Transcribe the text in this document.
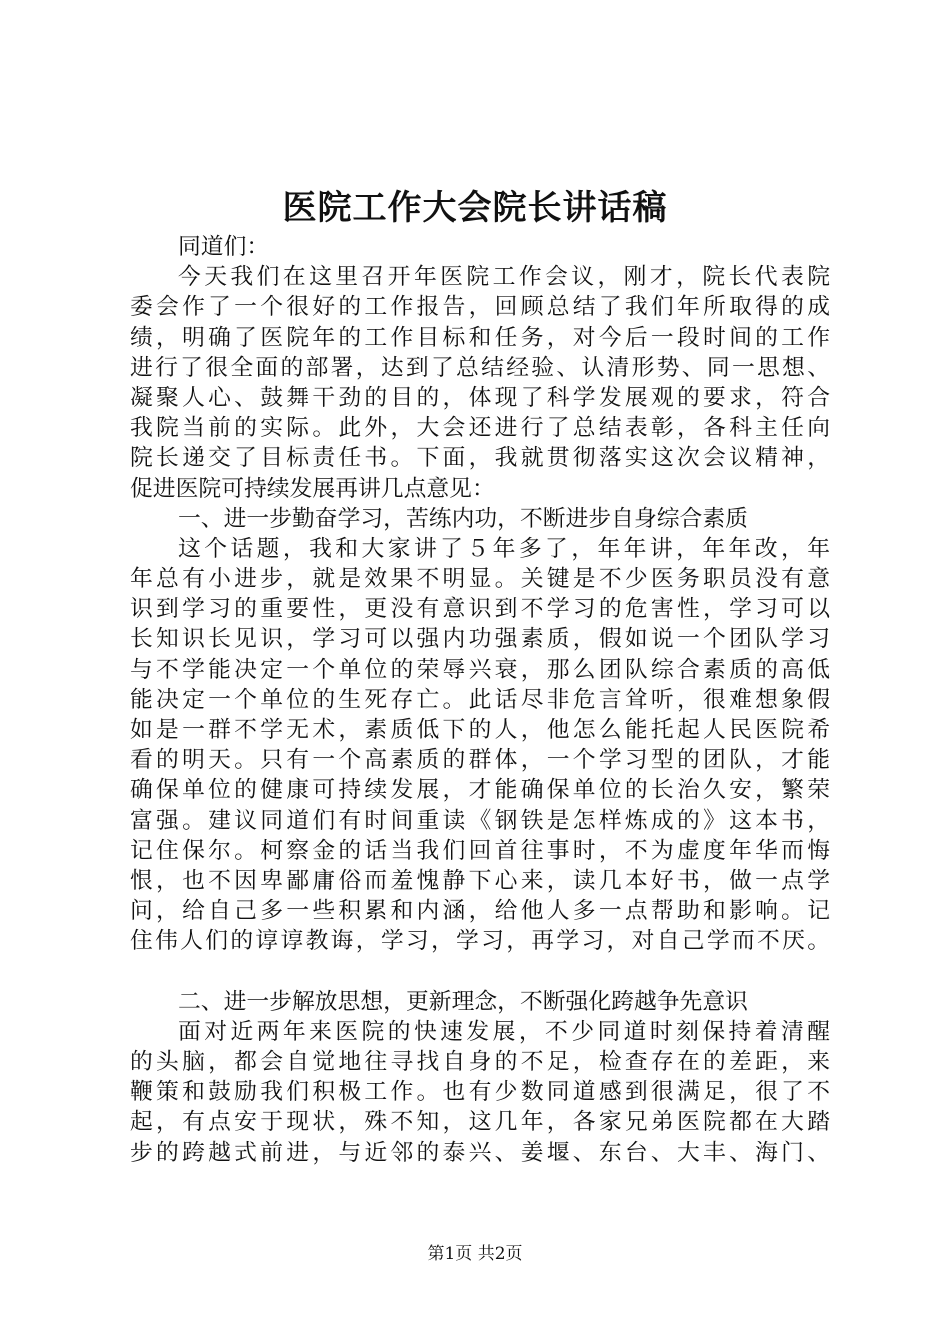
医院工作大会院长讲话稿
同道们：
今天我们在这里召开年医院工作会议，刚才，院长代表院
委会作了一个很好的工作报告，回顾总结了我们年所取得的成
绩，明确了医院年的工作目标和任务，对今后一段时间的工作
进行了很全面的部署，达到了总结经验、认清形势、同一思想、
凝聚人心、鼓舞干劲的目的，体现了科学发展观的要求，符合
我院当前的实际。此外，大会还进行了总结表彰，各科主任向
院长递交了目标责任书。下面，我就贯彻落实这次会议精神，
促进医院可持续发展再讲几点意见：
一、进一步勤奋学习，苦练内功，不断进步自身综合素质
这个话题，我和大家讲了５年多了，年年讲，年年改，年
年总有小进步，就是效果不明显。关键是不少医务职员没有意
识到学习的重要性，更没有意识到不学习的危害性，学习可以
长知识长见识，学习可以强内功强素质，假如说一个团队学习
与不学能决定一个单位的荣辱兴衰，那么团队综合素质的高低
能决定一个单位的生死存亡。此话尽非危言耸听，很难想象假
如是一群不学无术，素质低下的人，他怎么能托起人民医院希
看的明天。只有一个高素质的群体，一个学习型的团队，才能
确保单位的健康可持续发展，才能确保单位的长治久安，繁荣
富强。建议同道们有时间重读《钢铁是怎样炼成的》这本书，
记住保尔。柯察金的话当我们回首往事时，不为虚度年华而悔
恨，也不因卑鄙庸俗而羞愧静下心来，读几本好书，做一点学
问，给自己多一些积累和内涵，给他人多一点帮助和影响。记
住伟人们的谆谆教诲，学习，学习，再学习，对自己学而不厌。
二、进一步解放思想，更新理念，不断强化跨越争先意识
面对近两年来医院的快速发展，不少同道时刻保持着清醒
的头脑，都会自觉地往寻找自身的不足，检查存在的差距，来
鞭策和鼓励我们积极工作。也有少数同道感到很满足，很了不
起，有点安于现状，殊不知，这几年，各家兄弟医院都在大踏
步的跨越式前进，与近邻的泰兴、姜堰、东台、大丰、海门、
第1页 共2页
